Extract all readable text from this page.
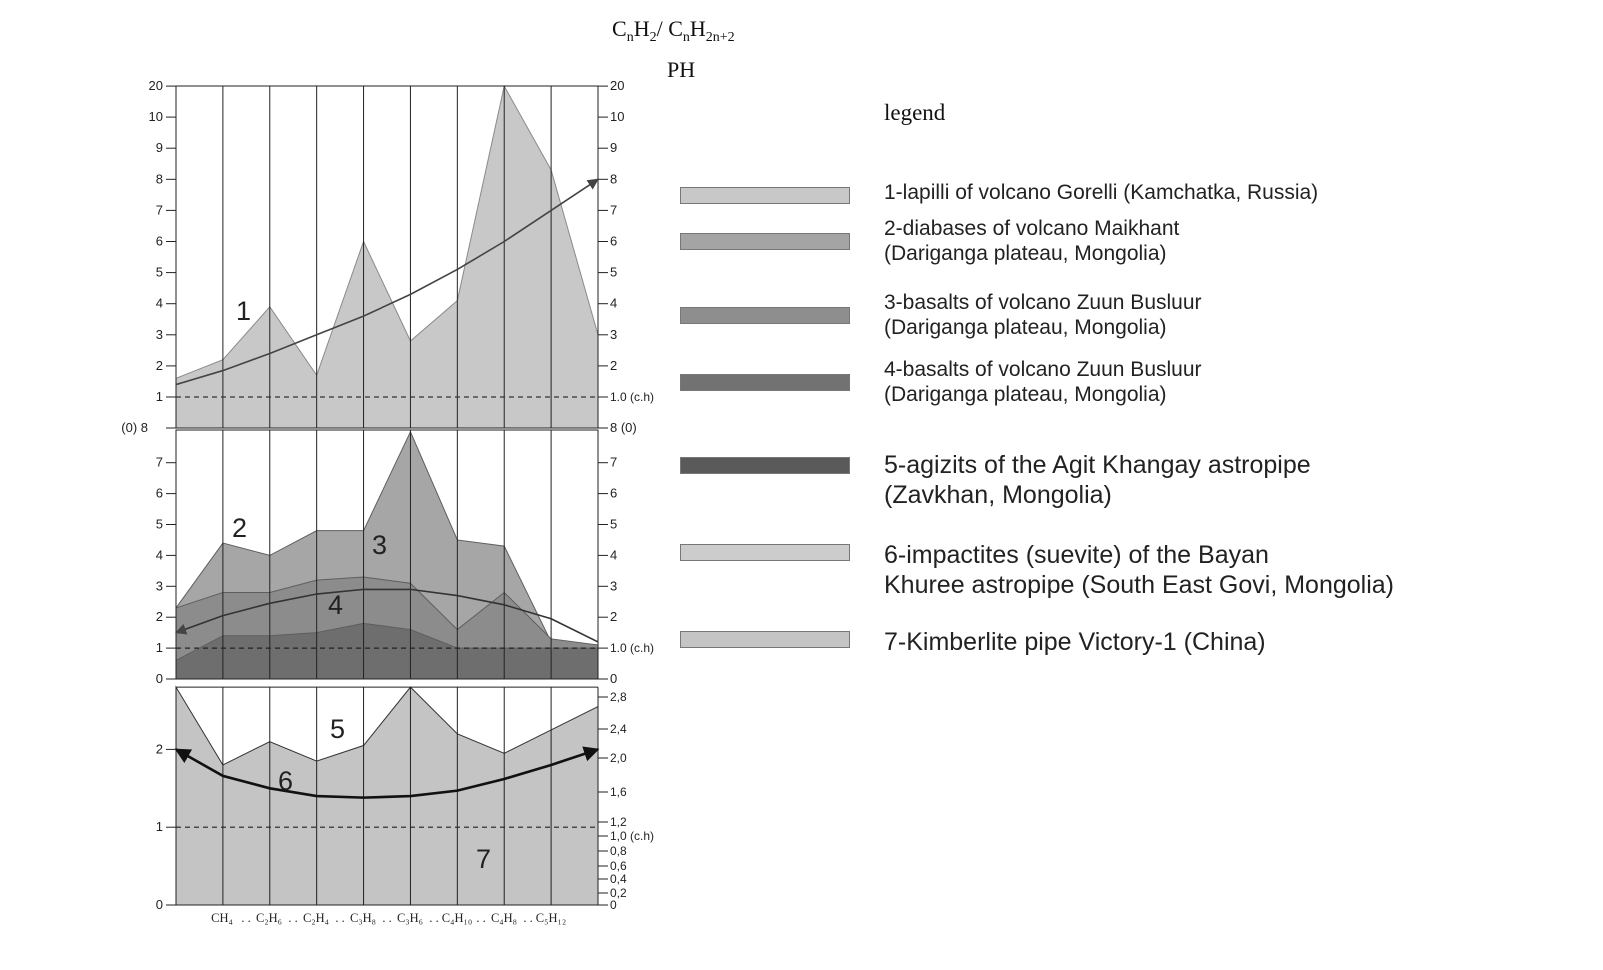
$C_nH_2/$ $C_nH_{2n+2}$
PH
1
2
3
4
5
6
7
8
9
10
20
1.0 (c.h)
2
3
4
5
6
7
8
9
10
20
(0) 8	8 (0)
1
0
1
2
3
4
5
6
7
0
1.0 (c.h)
2
3
4
5
6
7
2
3
4
0
1
2
0
0,2
0,4
0,6
0,8
1,0 (c.h)
1,2
1,6
2,0
2,4
2,8
5
6
7
CH₄ . . C₂H₆ . . C₂H₄ . . C₃H₈ . . C₃H₆ . . C₄H₁₀ . . C₄H₈ . . C₅H₁₂
legend
1-lapilli of volcano Gorelli (Kamchatka, Russia)
2-diabases of volcano Maikhant
(Dariganga plateau, Mongolia)
3-basalts of volcano Zuun Busluur
(Dariganga plateau, Mongolia)
4-basalts of volcano Zuun Busluur
(Dariganga plateau, Mongolia)
5-agizits of the Agit Khangay astropipe
(Zavkhan, Mongolia)
6-impactites (suevite) of the Bayan
Khuree astropipe (South East Govi, Mongolia)
7-Kimberlite pipe Victory-1 (China)
